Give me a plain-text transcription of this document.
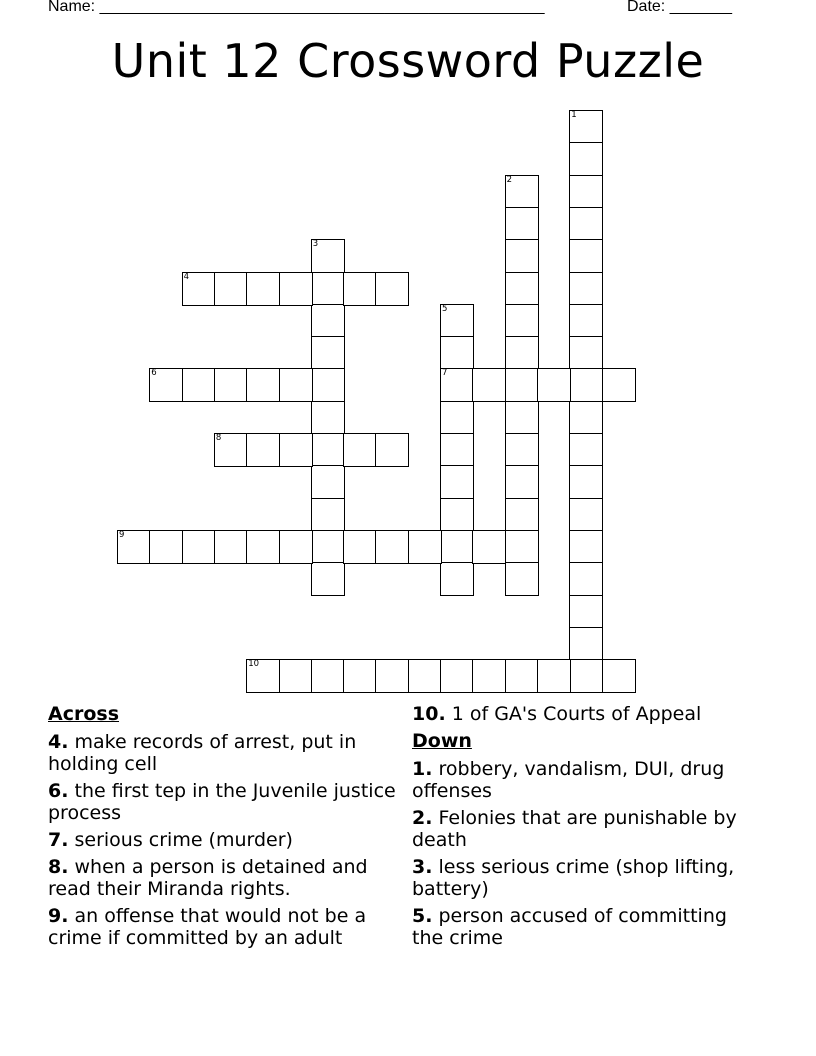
Name: __________________________________________________	Date: _______
Unit 12 Crossword Puzzle
1
2
3
4
5
7
6
8
9
10
Across
4. make records of arrest, put in holding cell
6. the first tep in the Juvenile justice process
7. serious crime (murder)
8. when a person is detained and read their Miranda rights.
9. an offense that would not be a crime if committed by an adult
10. 1 of GA's Courts of Appeal
Down
1. robbery, vandalism, DUI, drug offenses
2. Felonies that are punishable by death
3. less serious crime (shop lifting, battery)
5. person accused of committing the crime
